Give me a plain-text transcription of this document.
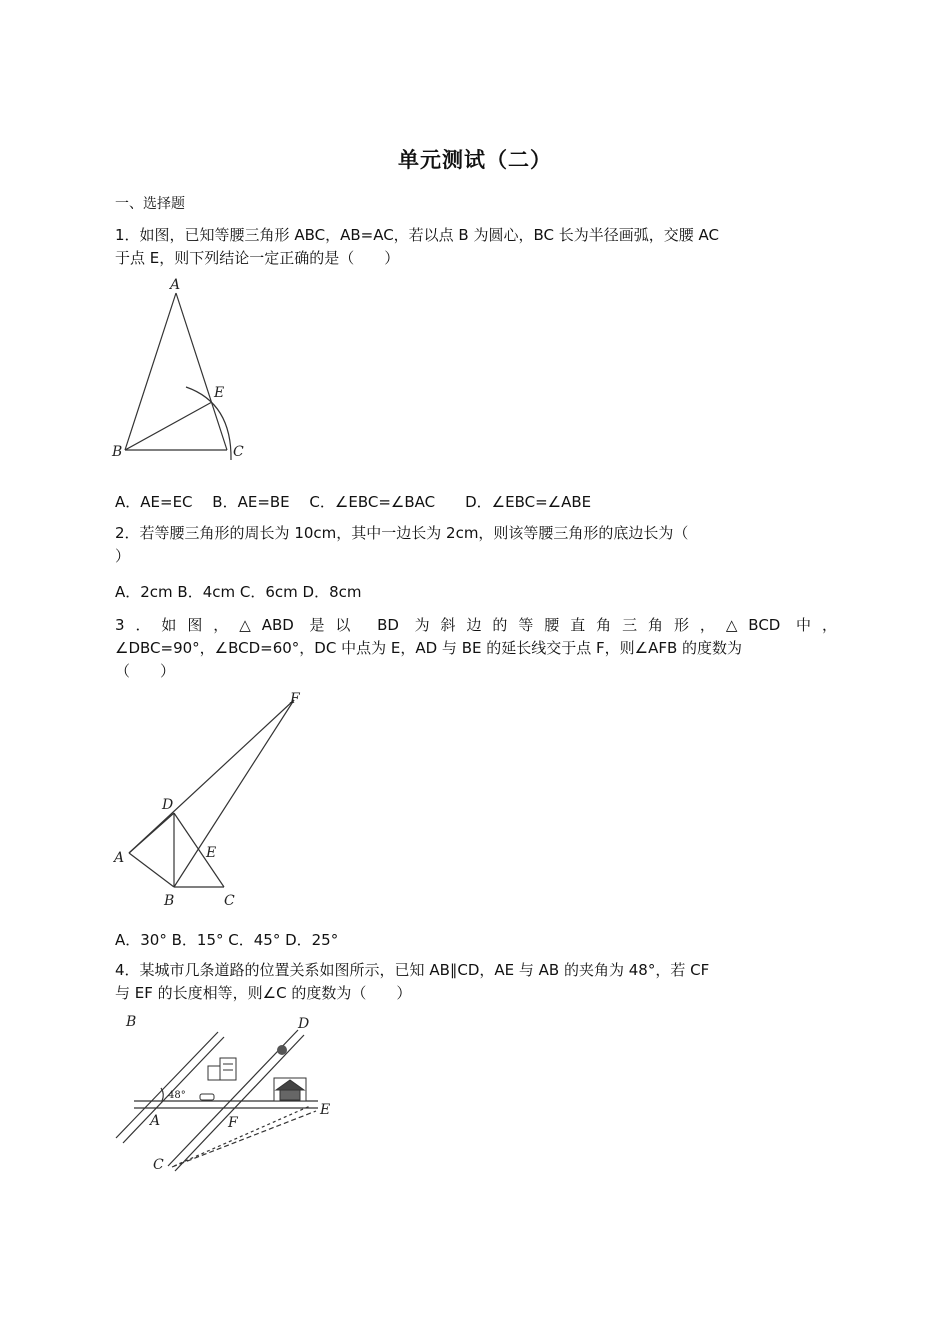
单元测试（二）
一、选择题

1．如图，已知等腰三角形 ABC，AB=AC，若以点 B 为圆心，BC 长为半径画弧，交腰 AC

于点 E，则下列结论一定正确的是（　　）

A
B	C
E
A．AE=EC　 B．AE=BE　 C．∠EBC=∠BAC　　D．∠EBC=∠ABE

2．若等腰三角形的周长为 10cm，其中一边长为 2cm，则该等腰三角形的底边长为（

）

A．2cm B．4cm C．6cm D．8cm

3．如图，△ABD 是以 BD 为斜边的等腰直角三角形，△BCD 中，

∠DBC=90°，∠BCD=60°，DC 中点为 E，AD 与 BE 的延长线交于点 F，则∠AFB 的度数为

（　　）

F
D
A	E
B	C
A．30° B．15° C．45° D．25°

4．某城市几条道路的位置关系如图所示，已知 AB∥CD，AE 与 AB 的夹角为 48°，若 CF

与 EF 的长度相等，则∠C 的度数为（　　）

B	D
A	F
E
C
48°
